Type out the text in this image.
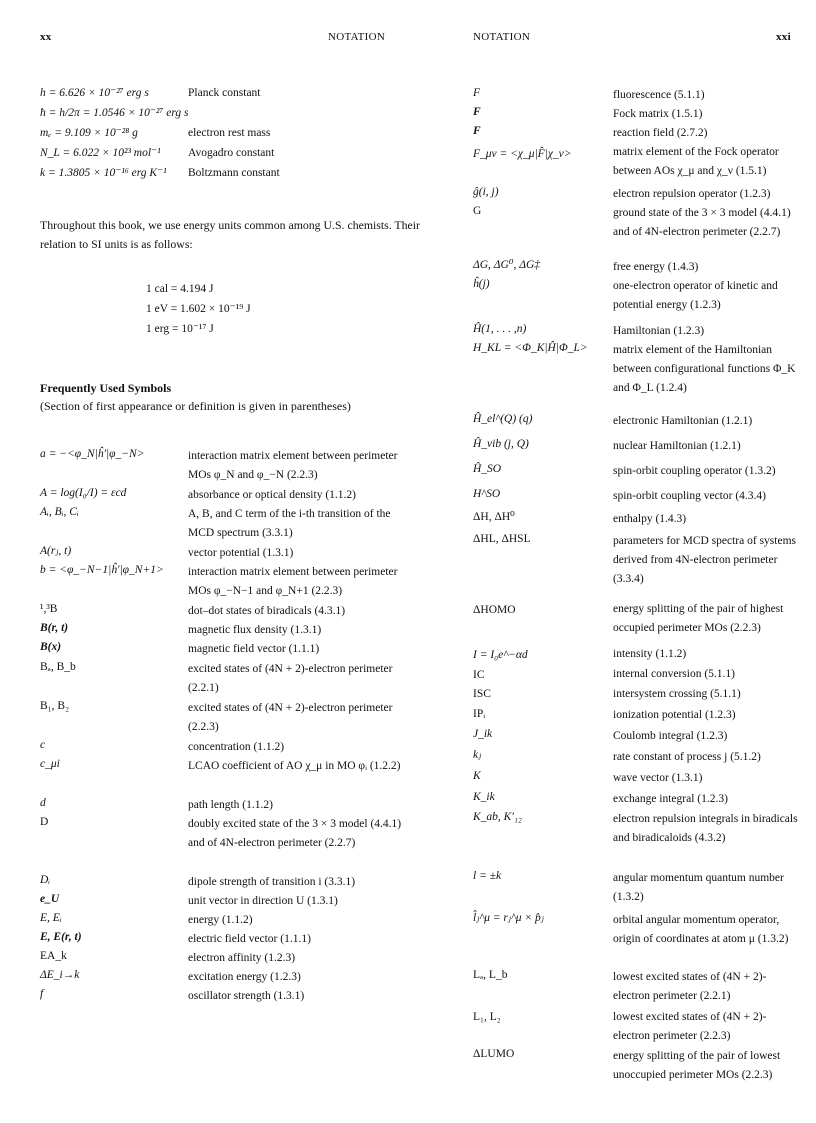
xx	NOTATION	NOTATION	xxi
h = 6.626 × 10⁻²⁷ erg s	Planck constant
ħ = h/2π = 1.0546 × 10⁻²⁷ erg s
mₑ = 9.109 × 10⁻²⁸ g	electron rest mass
N_L = 6.022 × 10²³ mol⁻¹ Avogadro constant
k = 1.3805 × 10⁻¹⁶ erg K⁻¹ Boltzmann constant
Throughout this book, we use energy units common among U.S. chemists. Their relation to SI units is as follows:
1 cal = 4.194 J
1 eV = 1.602 × 10⁻¹⁹ J
1 erg = 10⁻¹⁷ J
Frequently Used Symbols
(Section of first appearance or definition is given in parentheses)
a = −<φ_N|ĥ′|φ_−N>	interaction matrix element between perimeter MOs φ_N and φ_−N (2.2.3)
A = log(I₀/I) = εcd	absorbance or optical density (1.1.2)
Aᵢ, Bᵢ, Cᵢ	A, B, and C term of the i-th transition of the MCD spectrum (3.3.1)
A(rⱼ, t)	vector potential (1.3.1)
b = <φ_−N−1|ĥ′|φ_N+1>	interaction matrix element between perimeter MOs φ_−N−1 and φ_N+1 (2.2.3)
¹,³B	dot–dot states of biradicals (4.3.1)
B(r, t)	magnetic flux density (1.3.1)
B(x)	magnetic field vector (1.1.1)
Bₐ, B_b	excited states of (4N + 2)-electron perimeter (2.2.1)
B₁, B₂	excited states of (4N + 2)-electron perimeter (2.2.3)
c	concentration (1.1.2)
c_μi	LCAO coefficient of AO χ_μ in MO φᵢ (1.2.2)
d	path length (1.1.2)
D	doubly excited state of the 3 × 3 model (4.4.1) and of 4N-electron perimeter (2.2.7)
Dᵢ	dipole strength of transition i (3.3.1)
e_U	unit vector in direction U (1.3.1)
E, Eᵢ	energy (1.1.2)
E, E(r, t)	electric field vector (1.1.1)
EA_k	electron affinity (1.2.3)
ΔE_i→k	excitation energy (1.2.3)
f	oscillator strength (1.3.1)
F	fluorescence (5.1.1)
F	Fock matrix (1.5.1)
F	reaction field (2.7.2)
F_μν = <χ_μ|F̂|χ_ν>	matrix element of the Fock operator between AOs χ_μ and χ_ν (1.5.1)
ĝ(i, j)	electron repulsion operator (1.2.3)
G	ground state of the 3 × 3 model (4.4.1) and of 4N-electron perimeter (2.2.7)
ΔG, ΔG⁰, ΔG‡	free energy (1.4.3)
ĥ(j)	one-electron operator of kinetic and potential energy (1.2.3)
Ĥ(1, . . . ,n)	Hamiltonian (1.2.3)
H_KL = <Φ_K|Ĥ|Φ_L>	matrix element of the Hamiltonian between configurational functions Φ_K and Φ_L (1.2.4)
Ĥ_el^(Q) (q)	electronic Hamiltonian (1.2.1)
Ĥ_vib (j, Q)	nuclear Hamiltonian (1.2.1)
Ĥ_SO	spin-orbit coupling operator (1.3.2)
H^SO	spin-orbit coupling vector (4.3.4)
ΔH, ΔH⁰	enthalpy (1.4.3)
ΔHL, ΔHSL	parameters for MCD spectra of systems derived from 4N-electron perimeter (3.3.4)
ΔHOMO	energy splitting of the pair of highest occupied perimeter MOs (2.2.3)
I = I₀e^−αd	intensity (1.1.2)
IC	internal conversion (5.1.1)
ISC	intersystem crossing (5.1.1)
IPᵢ	ionization potential (1.2.3)
J_ik	Coulomb integral (1.2.3)
kⱼ	rate constant of process j (5.1.2)
K	wave vector (1.3.1)
K_ik	exchange integral (1.2.3)
K_ab, K′₁₂	electron repulsion integrals in biradicals and biradicaloids (4.3.2)
l = ±k	angular momentum quantum number (1.3.2)
l̂ⱼ^μ = rⱼ^μ × p̂ⱼ	orbital angular momentum operator, origin of coordinates at atom μ (1.3.2)
Lₐ, L_b	lowest excited states of (4N + 2)-electron perimeter (2.2.1)
L₁, L₂	lowest excited states of (4N + 2)-electron perimeter (2.2.3)
ΔLUMO	energy splitting of the pair of lowest unoccupied perimeter MOs (2.2.3)
